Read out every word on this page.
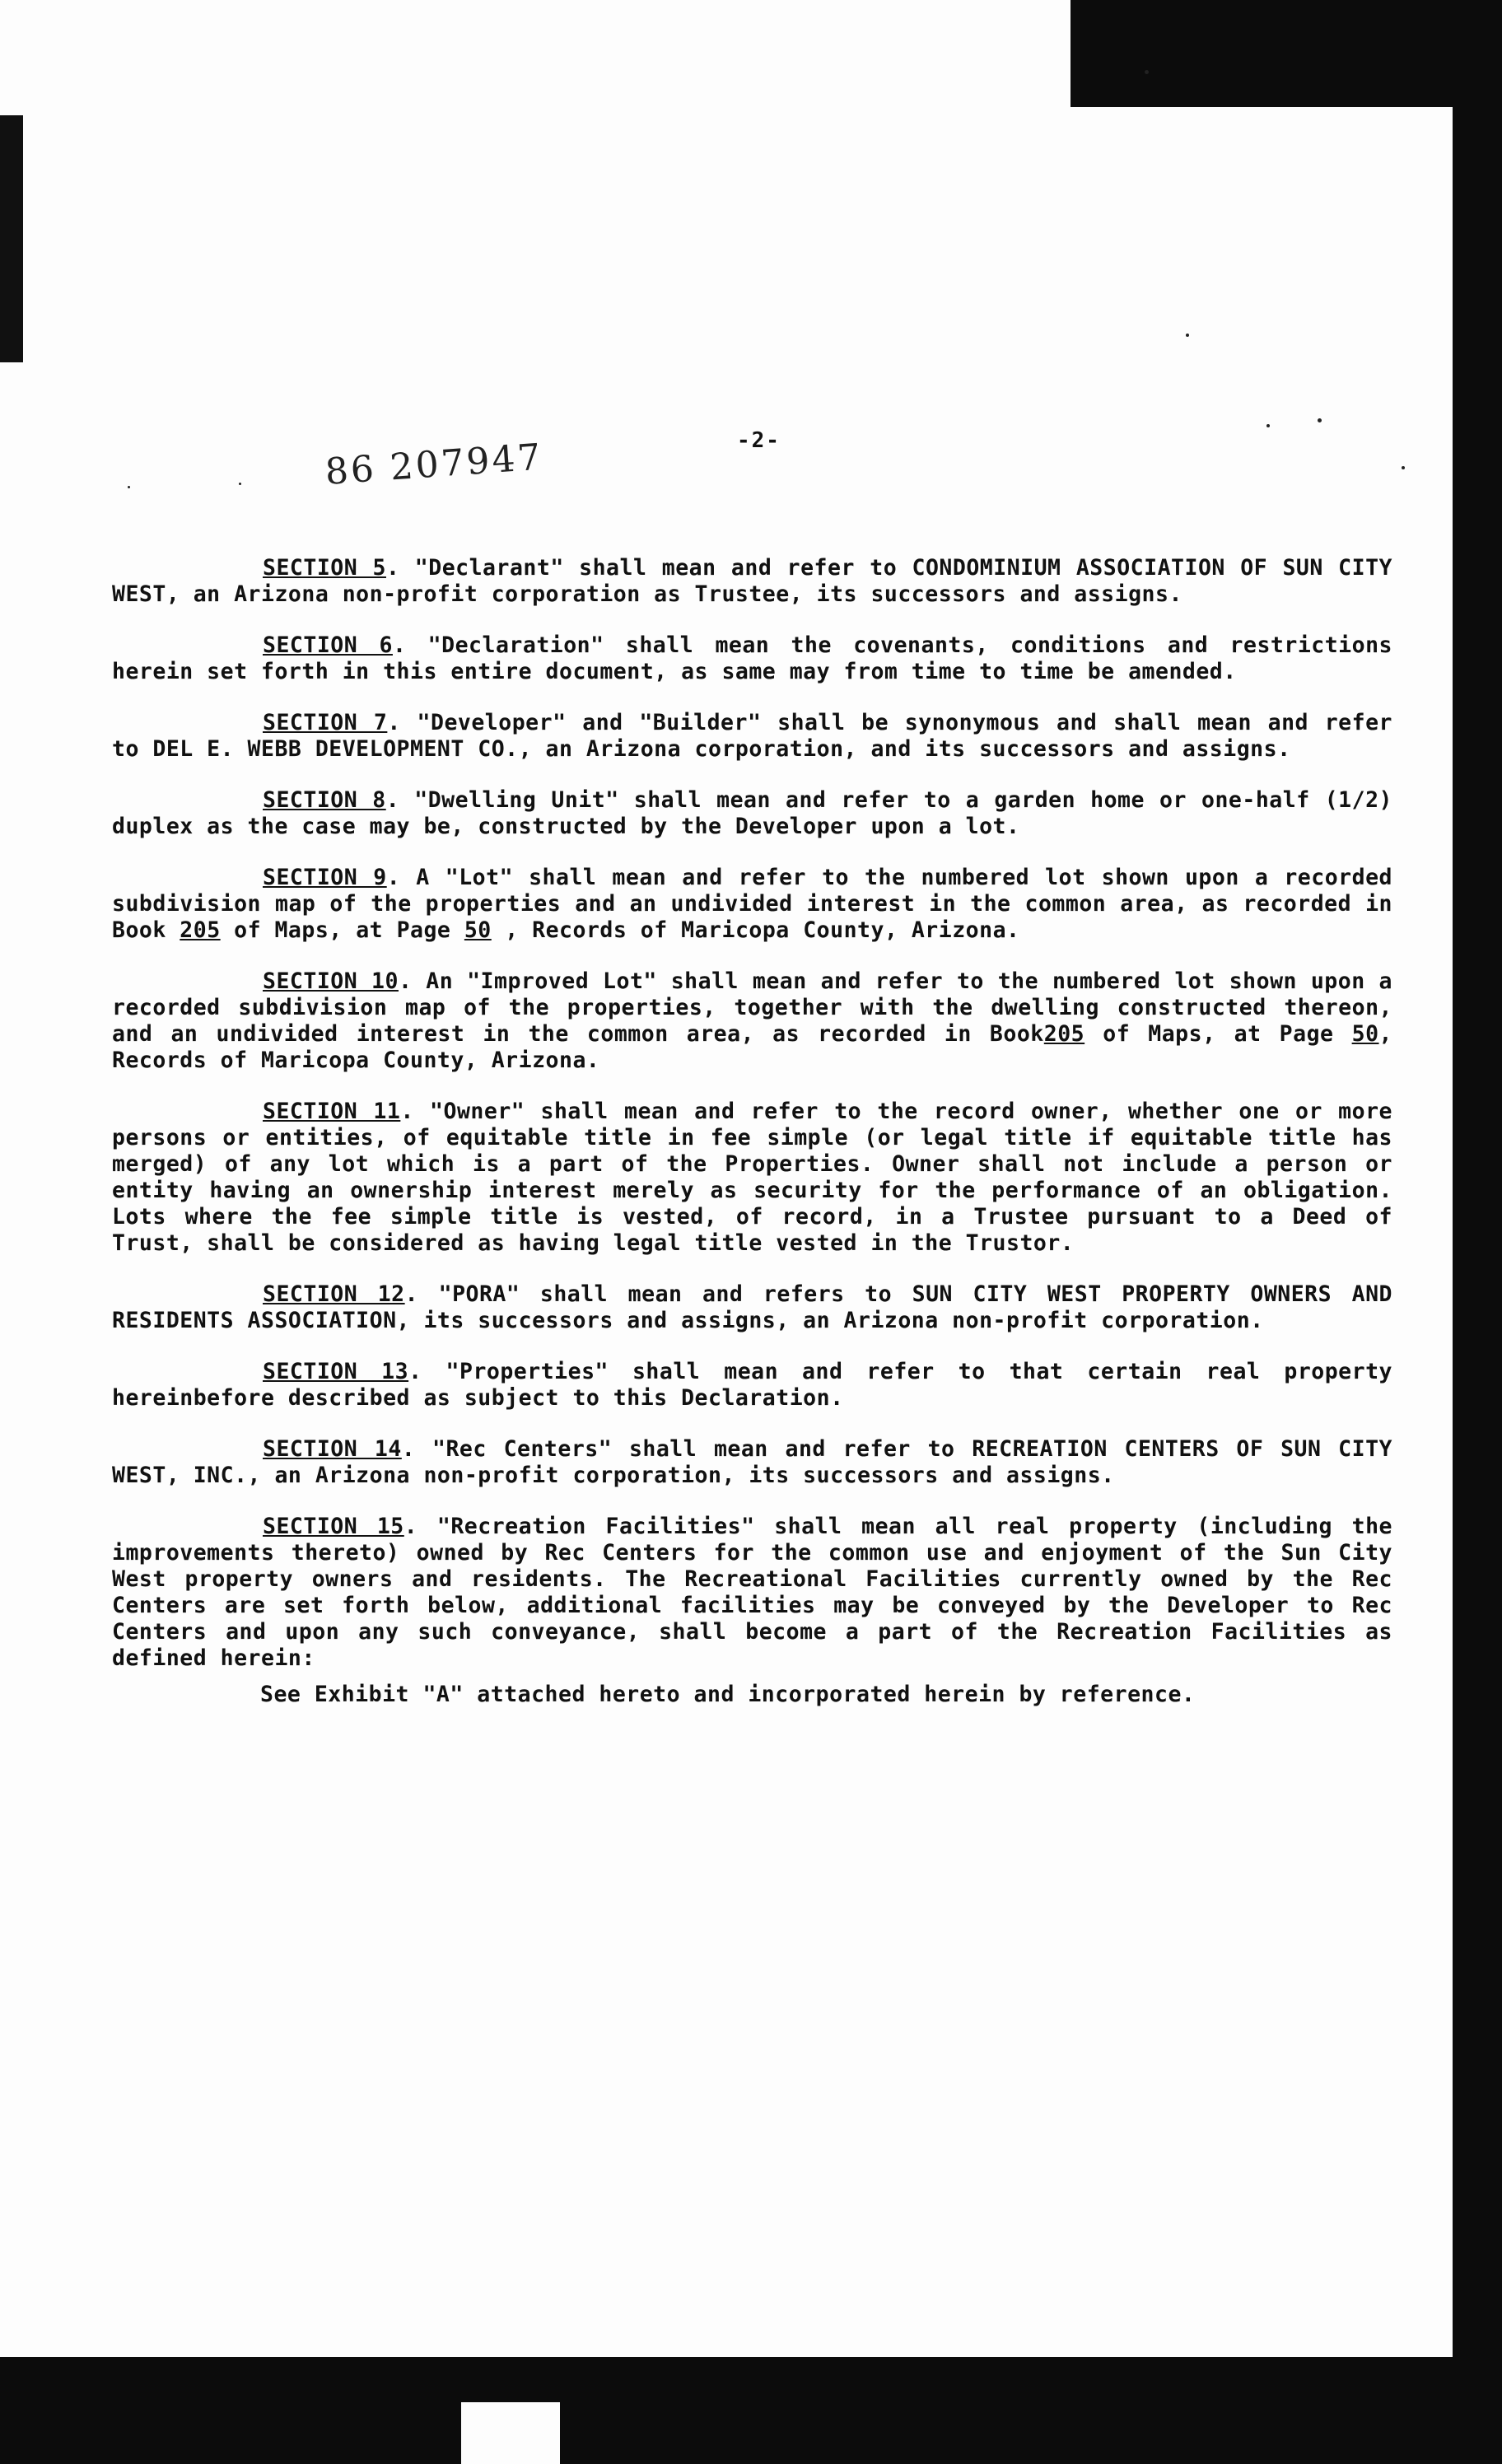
-2-
86 207947

SECTION 5. "Declarant" shall mean and refer to CONDOMINIUM ASSOCIATION OF SUN CITY WEST, an Arizona non-profit corporation as Trustee, its successors and assigns.

SECTION 6. "Declaration" shall mean the covenants, conditions and restrictions herein set forth in this entire document, as same may from time to time be amended.

SECTION 7. "Developer" and "Builder" shall be synonymous and shall mean and refer to DEL E. WEBB DEVELOPMENT CO., an Arizona corporation, and its successors and assigns.

SECTION 8. "Dwelling Unit" shall mean and refer to a garden home or one-half (1/2) duplex as the case may be, constructed by the Developer upon a lot.

SECTION 9. A "Lot" shall mean and refer to the numbered lot shown upon a recorded subdivision map of the properties and an undivided interest in the common area, as recorded in Book 205 of Maps, at Page 50 , Records of Maricopa County, Arizona.

SECTION 10. An "Improved Lot" shall mean and refer to the numbered lot shown upon a recorded subdivision map of the properties, together with the dwelling constructed thereon, and an undivided interest in the common area, as recorded in Book205 of Maps, at Page 50, Records of Maricopa County, Arizona.

SECTION 11. "Owner" shall mean and refer to the record owner, whether one or more persons or entities, of equitable title in fee simple (or legal title if equitable title has merged) of any lot which is a part of the Properties. Owner shall not include a person or entity having an ownership interest merely as security for the performance of an obligation. Lots where the fee simple title is vested, of record, in a Trustee pursuant to a Deed of Trust, shall be considered as having legal title vested in the Trustor.

SECTION 12. "PORA" shall mean and refers to SUN CITY WEST PROPERTY OWNERS AND RESIDENTS ASSOCIATION, its successors and assigns, an Arizona non-profit corporation.

SECTION 13. "Properties" shall mean and refer to that certain real property hereinbefore described as subject to this Declaration.

SECTION 14. "Rec Centers" shall mean and refer to RECREATION CENTERS OF SUN CITY WEST, INC., an Arizona non-profit corporation, its successors and assigns.

SECTION 15. "Recreation Facilities" shall mean all real property (including the improvements thereto) owned by Rec Centers for the common use and enjoyment of the Sun City West property owners and residents. The Recreational Facilities currently owned by the Rec Centers are set forth below, additional facilities may be conveyed by the Developer to Rec Centers and upon any such conveyance, shall become a part of the Recreation Facilities as defined herein:

See Exhibit "A" attached hereto and incorporated herein by reference.
